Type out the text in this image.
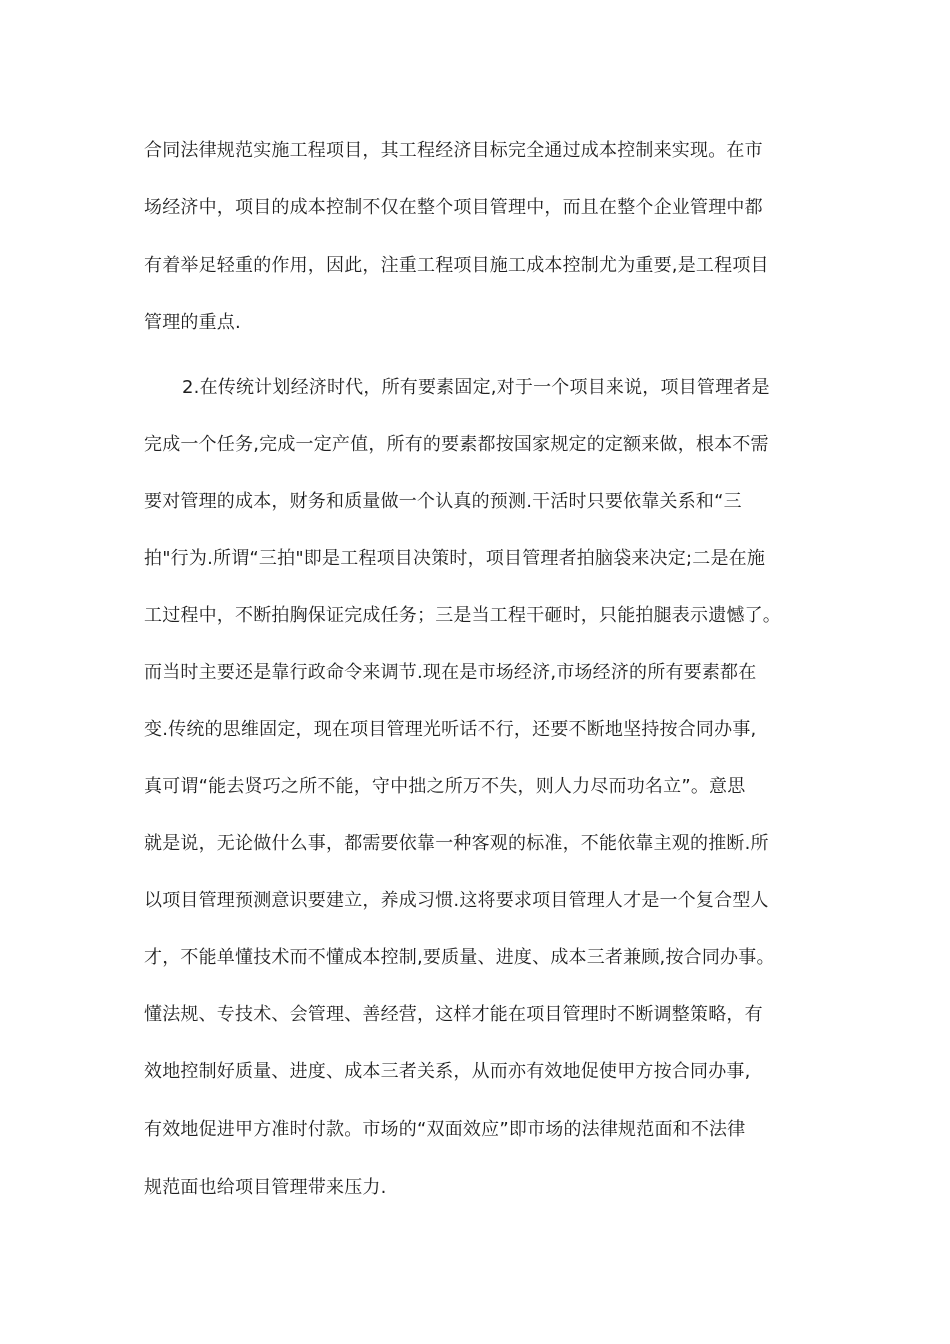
合同法律规范实施工程项目，其工程经济目标完全通过成本控制来实现。在市
场经济中，项目的成本控制不仅在整个项目管理中，而且在整个企业管理中都
有着举足轻重的作用，因此，注重工程项目施工成本控制尤为重要,是工程项目
管理的重点.
2.在传统计划经济时代，所有要素固定,对于一个项目来说，项目管理者是
完成一个任务,完成一定产值，所有的要素都按国家规定的定额来做，根本不需
要对管理的成本，财务和质量做一个认真的预测.干活时只要依靠关系和“三
拍"行为.所谓“三拍"即是工程项目决策时，项目管理者拍脑袋来决定;二是在施
工过程中，不断拍胸保证完成任务；三是当工程干砸时，只能拍腿表示遗憾了。
而当时主要还是靠行政命令来调节.现在是市场经济,市场经济的所有要素都在
变.传统的思维固定，现在项目管理光听话不行，还要不断地坚持按合同办事,
真可谓“能去贤巧之所不能，守中拙之所万不失，则人力尽而功名立”。意思
就是说，无论做什么事，都需要依靠一种客观的标准，不能依靠主观的推断.所
以项目管理预测意识要建立，养成习惯.这将要求项目管理人才是一个复合型人
才，不能单懂技术而不懂成本控制,要质量、进度、成本三者兼顾,按合同办事。
懂法规、专技术、会管理、善经营，这样才能在项目管理时不断调整策略，有
效地控制好质量、进度、成本三者关系，从而亦有效地促使甲方按合同办事,
有效地促进甲方准时付款。市场的“双面效应”即市场的法律规范面和不法律
规范面也给项目管理带来压力.
